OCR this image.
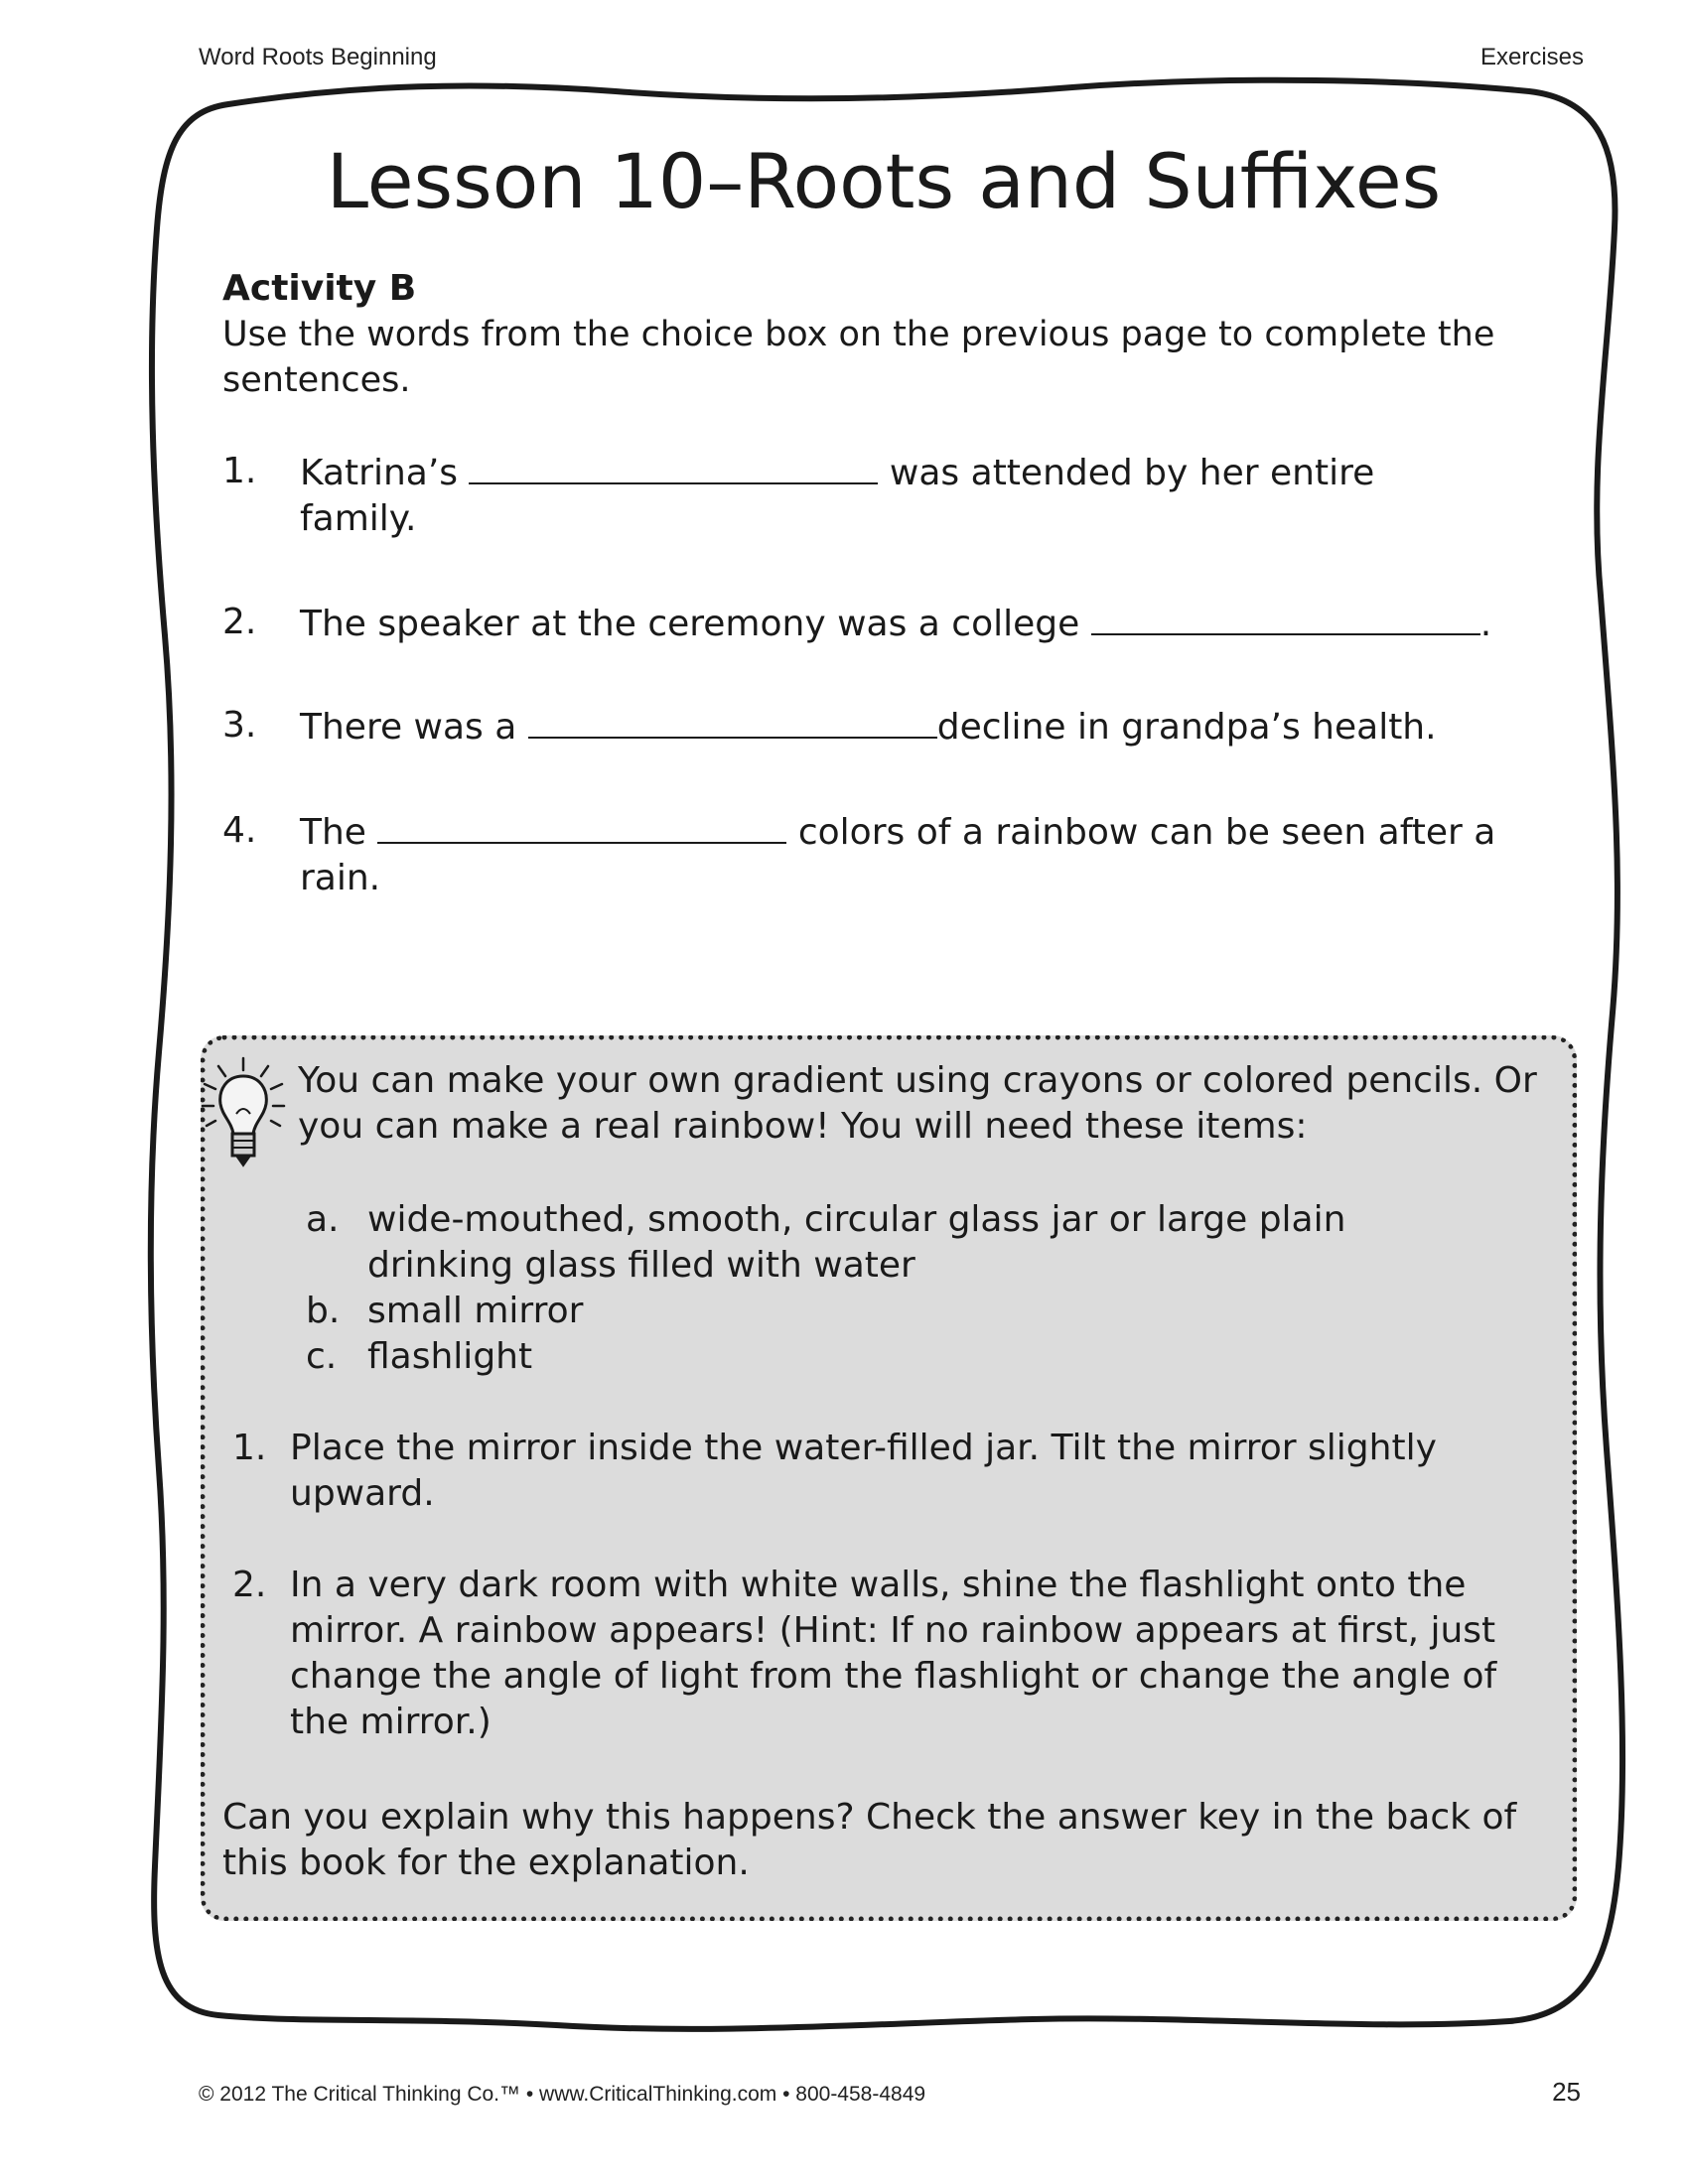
Word Roots Beginning	Exercises
Lesson 10–Roots and Suffixes
Activity B

Use the words from the choice box on the previous page to complete the sentences.

1.	Katrina’s	was attended by her entire family.
2.	The speaker at the ceremony was a college	.
3.	There was a	decline in grandpa’s health.
4.	The	colors of a rainbow can be seen after a rain.
You can make your own gradient using crayons or colored pencils. Or you can make a real rainbow! You will need these items:
a. wide-mouthed, smooth, circular glass jar or large plain drinking glass filled with water
b. small mirror
c. flashlight
1. Place the mirror inside the water-filled jar. Tilt the mirror slightly upward.
2. In a very dark room with white walls, shine the flashlight onto the mirror. A rainbow appears! (Hint: If no rainbow appears at first, just change the angle of light from the flashlight or change the angle of the mirror.)
Can you explain why this happens? Check the answer key in the back of this book for the explanation.
© 2012 The Critical Thinking Co.™ • www.CriticalThinking.com • 800-458-4849	25
